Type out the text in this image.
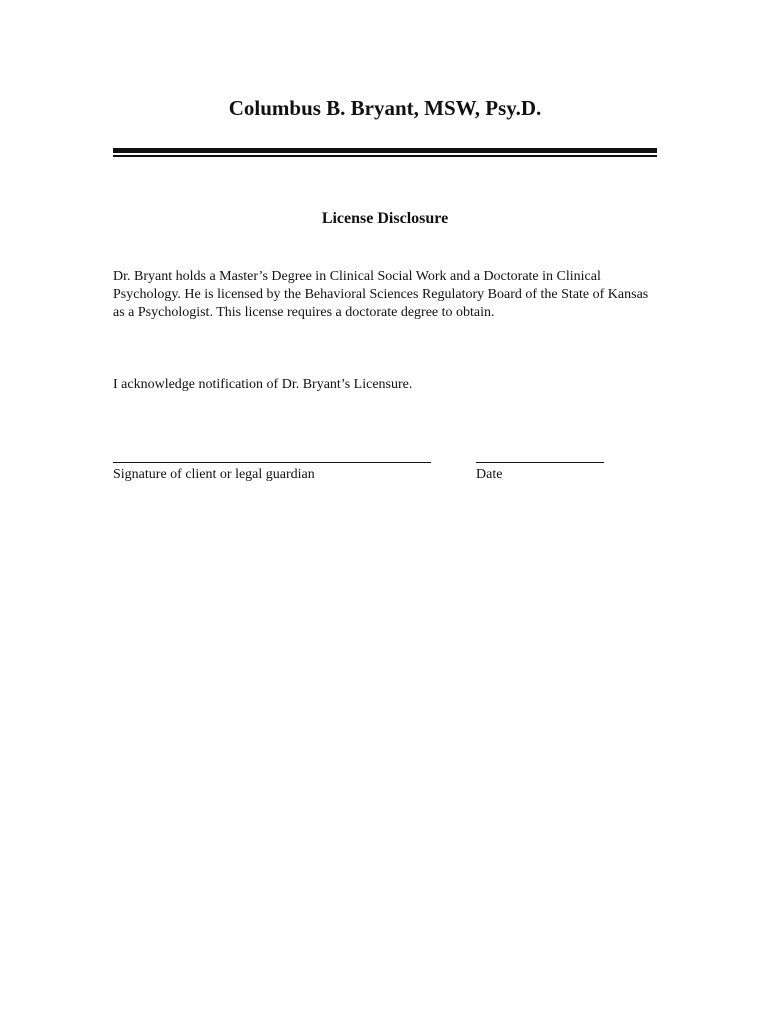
Columbus B. Bryant, MSW, Psy.D.
License Disclosure

Dr. Bryant holds a Master’s Degree in Clinical Social Work and a Doctorate in Clinical Psychology. He is licensed by the Behavioral Sciences Regulatory Board of the State of Kansas as a Psychologist. This license requires a doctorate degree to obtain.

I acknowledge notification of Dr. Bryant’s Licensure.
Signature of client or legal guardian	Date
